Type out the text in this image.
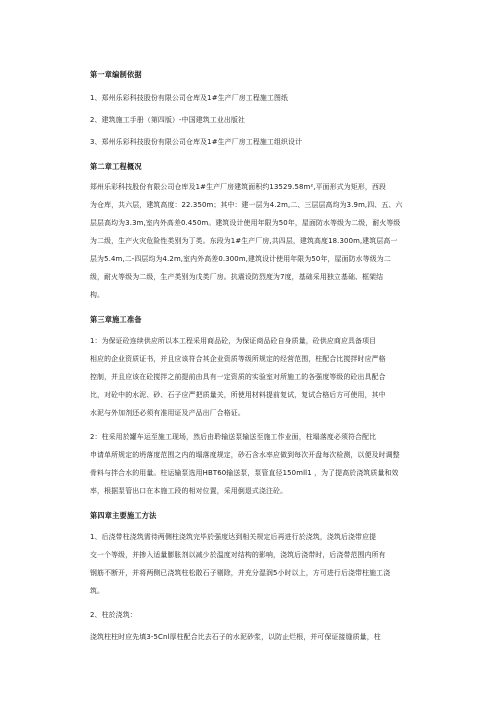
第一章编制依据
1、郑州乐彩科技股份有限公司仓库及1#生产厂房工程施工图纸
2、建筑施工手册（第四版）-中国建筑工业出版社
3、郑州乐彩科技股份有限公司仓库及1#生产厂房工程施工组织设计
第二章工程概况
郑州乐彩科技股份有限公司仓库及1#生产厂房建筑面积约13529.58m²,平面形式为矩形，西段
为仓库，共六层，建筑高度：22.350m；其中：建一层为4.2m,二、三层层高均为3.9m,四、五、六
层层高均为3.3m,室内外高差0.450m。建筑设计使用年限为50年，屋面防水等级为二级，耐火等级
为二级，生产火灾危险性类别为丁类。东段为1#生产厂房,共四层，建筑高度18.300m,建筑层高一
层为5.4m,二-四层均为4.2m,室内外高差0.300m,建筑设计使用年限为50年，屋面防水等级为二
级，耐火等级为二级，生产类别为戊类厂房。抗震设防烈度为7度，基础采用独立基础、框架结
构。
第三章施工准备
1：为保证砼连续供应所以本工程采用商品砼，为保证商品砼自身质量，砼供应商应具备项目
相应的企业资质证书，并且应该符合其企业资质等级所规定的经营范围，柱配合比搅拌时应严格
控制，并且应该在砼搅拌之前提前由具有一定资质的实验室对所施工的各强度等级的砼出具配合
比，对砼中的水泥、砂、石子应严把质量关，所使用材料提前复试，复试合格后方可使用，其中
水泥与外加剂还必须有准用证及产品出厂合格证。
2：柱采用於罐车运至施工现场，然后由聆输送泵输送至施工作业面，柱塌落度必须符合配比
申请单所规定的坍落度范围之内的塌落度规定，砂石含水率应做到每次开盘每次检测，以便及时调整
骨料与拌合水的用量。柱运输泵选用HBT60输送泵，泵管直径150mll1 ，为了提高於浇筑质量和效
率，根据泵管出口在本施工段的相对位置，采用倒退式浇注砼。
第四章主要施工方法
1、后浇带柱浇筑需待两侧柱浇筑完毕於强度达到相关规定后再进行於浇筑，浇筑后浇带应提
交一个等级，并掺入适量膨胀剂以减少於温度对结构的影响，浇筑后浇带时，后浇带范围内所有
钢筋不断开，并将两侧已浇筑柱松散石子剔除，并充分湿润5小时以上，方可进行后浇带柱施工浇
筑。
2、柱於浇筑：
浇筑柱柱时应先填3-5Cnl厚柱配合比去石子的水泥砂浆，以防止烂根，并可保证接缝质量，柱
